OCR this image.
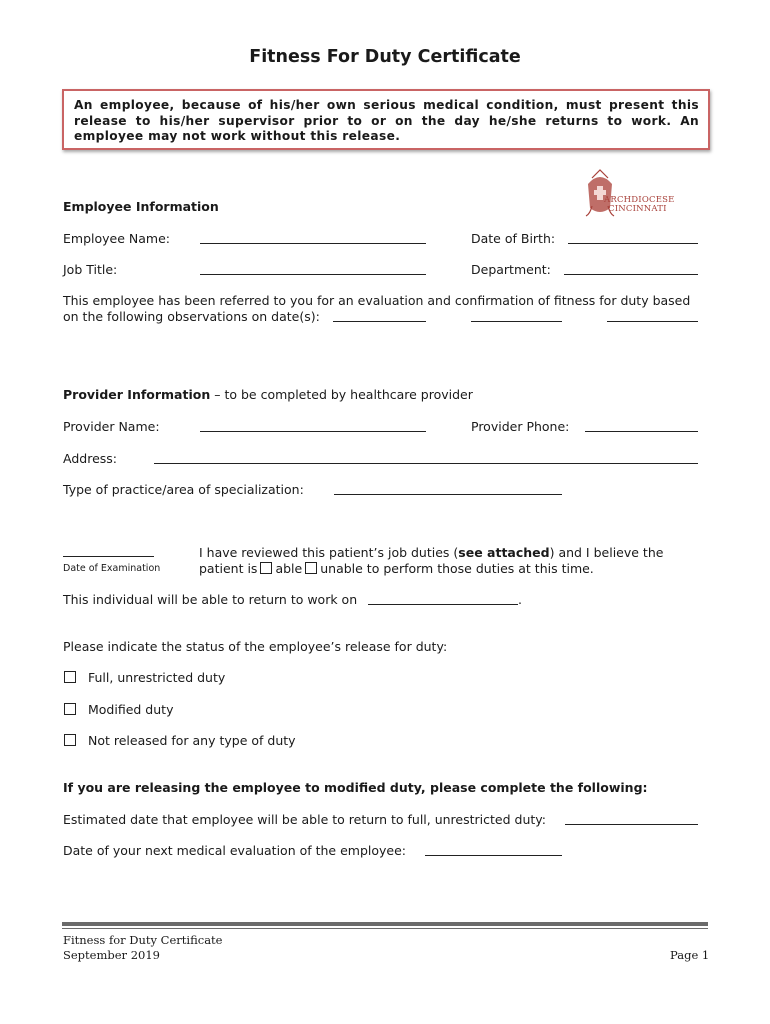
Fitness For Duty Certificate
An employee, because of his/her own serious medical condition, must present this release to his/her supervisor prior to or on the day he/she returns to work. An employee may not work without this release.
ARCHDIOCESE
CINCINNATI
Employee Information
Employee Name:	Date of Birth:
Job Title:	Department:
This employee has been referred to you for an evaluation and confirmation of fitness for duty based
on the following observations on date(s):
Provider Information – to be completed by healthcare provider
Provider Name:	Provider Phone:
Address:
Type of practice/area of specialization:
Date of Examination
I have reviewed this patient’s job duties (see attached) and I believe the
patient is able unable to perform those duties at this time.
This individual will be able to return to work on	.
Please indicate the status of the employee’s release for duty:
Full, unrestricted duty
Modified duty
Not released for any type of duty
If you are releasing the employee to modified duty, please complete the following:
Estimated date that employee will be able to return to full, unrestricted duty:
Date of your next medical evaluation of the employee:
Fitness for Duty Certificate
September 2019	Page 1
